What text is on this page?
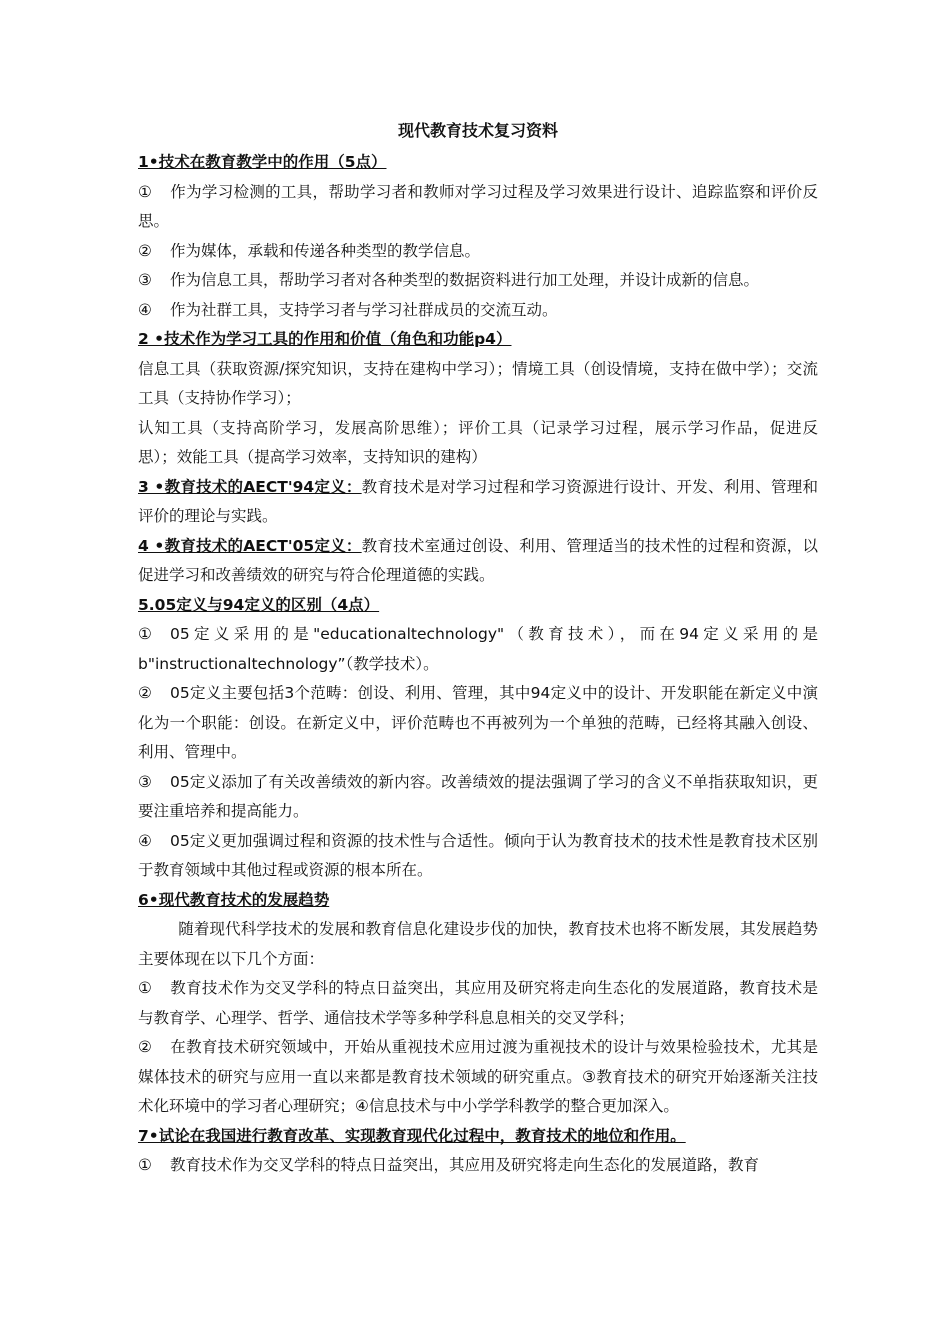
现代教育技术复习资料
1•技术在教育教学中的作用（5点）

① 作为学习检测的工具，帮助学习者和教师对学习过程及学习效果进行设计、追踪监察和评价反思。

② 作为媒体，承载和传递各种类型的教学信息。

③ 作为信息工具，帮助学习者对各种类型的数据资料进行加工处理，并设计成新的信息。

④ 作为社群工具，支持学习者与学习社群成员的交流互动。

2 •技术作为学习工具的作用和价值（角色和功能p4）

信息工具（获取资源/探究知识，支持在建构中学习）；情境工具（创设情境，支持在做中学）；交流工具（支持协作学习）；

认知工具（支持高阶学习，发展高阶思维）；评价工具（记录学习过程，展示学习作品，促进反思）；效能工具（提高学习效率，支持知识的建构）

3 •教育技术的AECT'94定义：教育技术是对学习过程和学习资源进行设计、开发、利用、管理和评价的理论与实践。

4 •教育技术的AECT'05定义：教育技术室通过创设、利用、管理适当的技术性的过程和资源，以促进学习和改善绩效的研究与符合伦理道德的实践。

5.05定义与94定义的区别（4点）

① 05定义采用的是"educationaltechnology"（教育技术），而在94定义采用的是b"instructionaltechnology”（教学技术）。

② 05定义主要包括3个范畴：创设、利用、管理，其中94定义中的设计、开发职能在新定义中演化为一个职能：创设。在新定义中，评价范畴也不再被列为一个单独的范畴，已经将其融入创设、利用、管理中。

③ 05定义添加了有关改善绩效的新内容。改善绩效的提法强调了学习的含义不单指获取知识，更要注重培养和提高能力。

④ 05定义更加强调过程和资源的技术性与合适性。倾向于认为教育技术的技术性是教育技术区别于教育领域中其他过程或资源的根本所在。

6•现代教育技术的发展趋势

随着现代科学技术的发展和教育信息化建设步伐的加快，教育技术也将不断发展，其发展趋势主要体现在以下几个方面：

① 教育技术作为交叉学科的特点日益突出，其应用及研究将走向生态化的发展道路，教育技术是与教育学、心理学、哲学、通信技术学等多种学科息息相关的交叉学科；

② 在教育技术研究领域中，开始从重视技术应用过渡为重视技术的设计与效果检验技术，尤其是媒体技术的研究与应用一直以来都是教育技术领域的研究重点。③教育技术的研究开始逐渐关注技术化环境中的学习者心理研究；④信息技术与中小学学科教学的整合更加深入。

7•试论在我国进行教育改革、实现教育现代化过程中，教育技术的地位和作用。

① 教育技术作为交叉学科的特点日益突出，其应用及研究将走向生态化的发展道路，教育
